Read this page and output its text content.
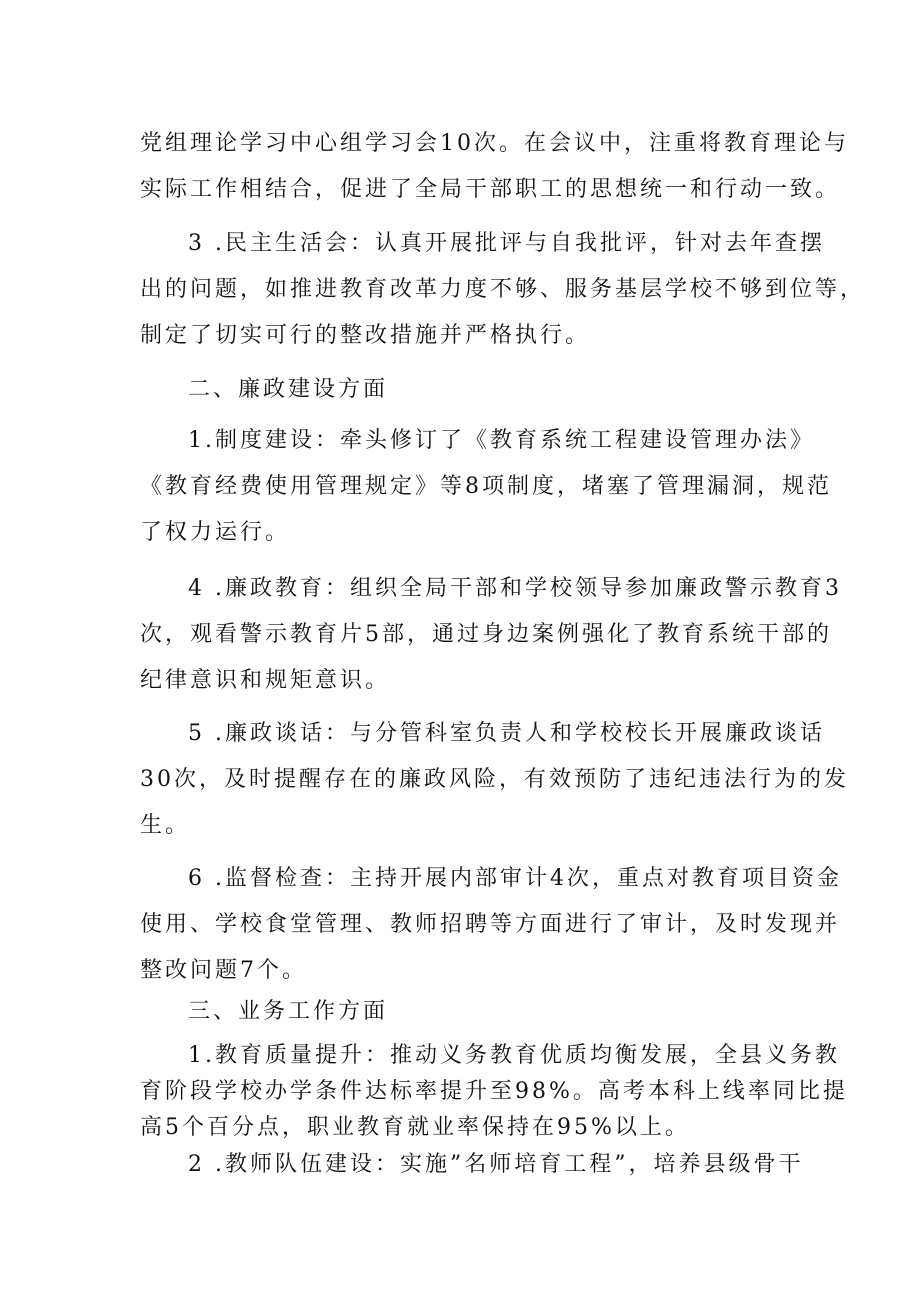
党组理论学习中心组学习会10次。在会议中，注重将教育理论与
实际工作相结合，促进了全局干部职工的思想统一和行动一致。

3 .民主生活会：认真开展批评与自我批评，针对去年查摆
出的问题，如推进教育改革力度不够、服务基层学校不够到位等，
制定了切实可行的整改措施并严格执行。

二、廉政建设方面

1.制度建设：牵头修订了《教育系统工程建设管理办法》
《教育经费使用管理规定》等8项制度，堵塞了管理漏洞，规范
了权力运行。

4 .廉政教育：组织全局干部和学校领导参加廉政警示教育3
次，观看警示教育片5部，通过身边案例强化了教育系统干部的
纪律意识和规矩意识。

5 .廉政谈话：与分管科室负责人和学校校长开展廉政谈话
30次，及时提醒存在的廉政风险，有效预防了违纪违法行为的发
生。

6 .监督检查：主持开展内部审计4次，重点对教育项目资金
使用、学校食堂管理、教师招聘等方面进行了审计，及时发现并
整改问题7个。

三、业务工作方面

1.教育质量提升：推动义务教育优质均衡发展，全县义务教
育阶段学校办学条件达标率提升至98%。高考本科上线率同比提
高5个百分点，职业教育就业率保持在95%以上。

2 .教师队伍建设：实施”名师培育工程”，培养县级骨干
